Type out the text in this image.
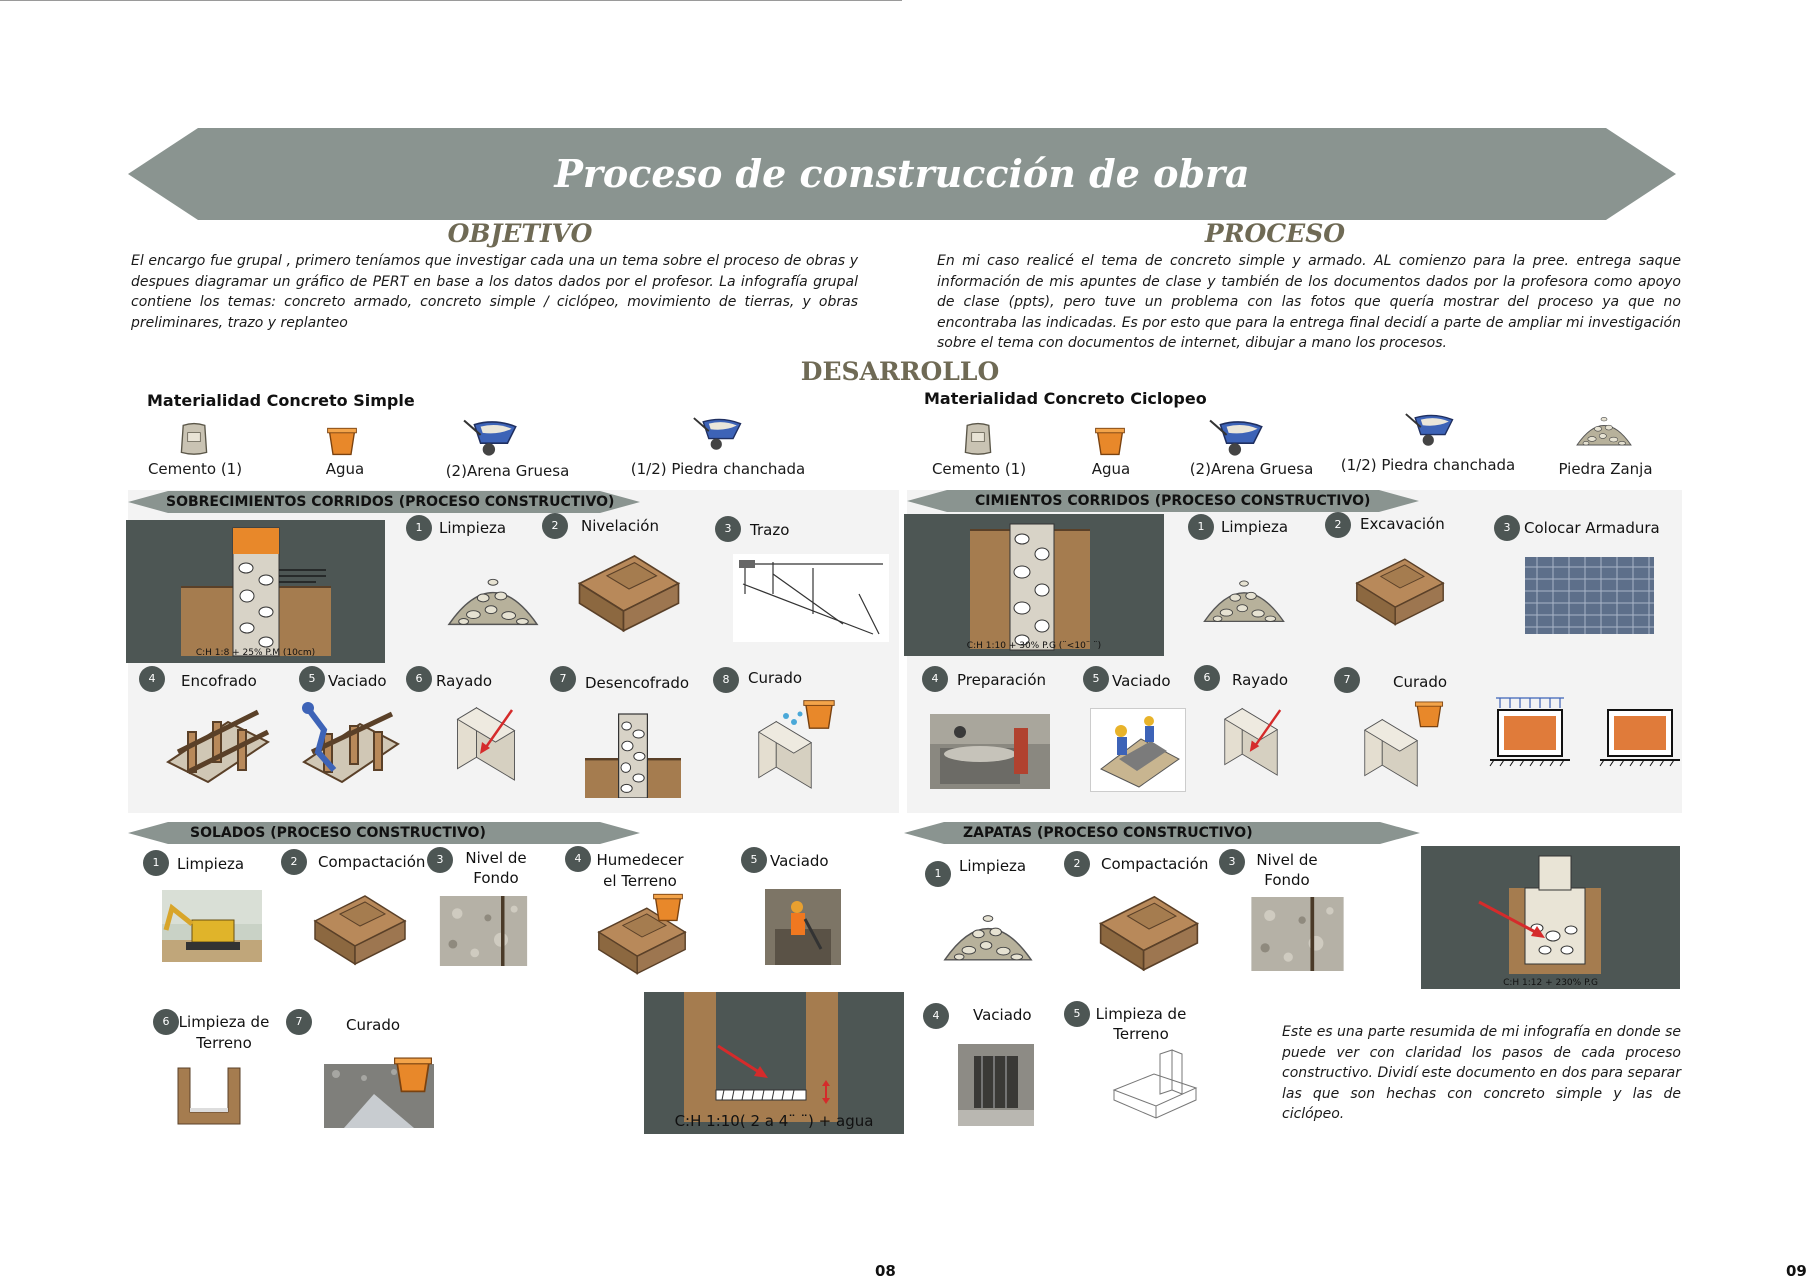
Proceso de construcción de obra
OBJETIVO
El encargo fue grupal , primero teníamos que investigar cada una un tema sobre el proceso de obras y despues diagramar un gráfico de PERT en base a los datos dados por el profesor. La infografía grupal contiene los temas: concreto armado, concreto simple / ciclópeo, movimiento de tierras, y obras preliminares, trazo y replanteo
PROCESO
En mi caso realicé el tema de concreto simple y armado. AL comienzo para la pree. entrega saque información de mis apuntes de clase y también de los documentos dados por la profesora como apoyo de clase (ppts), pero tuve un problema con las fotos que quería mostrar del proceso ya que no encontraba las indicadas. Es por esto que para la entrega final decidí a parte de ampliar mi investigación sobre el tema con documentos de internet, dibujar a mano los procesos.
DESARROLLO
Materialidad Concreto Simple
Cemento (1)	Agua	(2)Arena Gruesa	(1/2) Piedra chanchada
Materialidad Concreto Ciclopeo
Cemento (1)	Agua	(2)Arena Gruesa	(1/2) Piedra chanchada	Piedra Zanja
SOBRECIMIENTOS CORRIDOS (PROCESO CONSTRUCTIVO)
C:H 1:8 + 25% P.M (10cm)
1	Limpieza	2	Nivelación	3	Trazo
4	Encofrado	5 Vaciado	6 Rayado	7	Desencofrado	8	Curado
CIMIENTOS CORRIDOS (PROCESO CONSTRUCTIVO)
C:H 1:10 + 30% P.G (¨<10¨ ¨)
1	Limpieza	2	Excavación	3 Colocar Armadura
4	Preparación	5 Vaciado	6	Rayado	7	Curado
SOLADOS (PROCESO CONSTRUCTIVO)
1	Limpieza	2	Compactación	3	Nivel de
Fondo
4 Humedecer
el Terreno
5 Vaciado
6 Limpieza de
Terreno
7	Curado
C:H 1:10( 2 a 4¨ ¨) + agua
ZAPATAS (PROCESO CONSTRUCTIVO)
1	Limpieza	2	Compactación	3	Nivel de
Fondo
C:H 1:12 + 230% P.G
4	Vaciado	5	Limpieza de
Terreno	Este es una parte resumida de mi infografía en donde se puede ver con claridad los pasos de cada proceso constructivo. Dividí este documento en dos para separar las que son hechas con concreto simple y las de ciclópeo.
08	09
